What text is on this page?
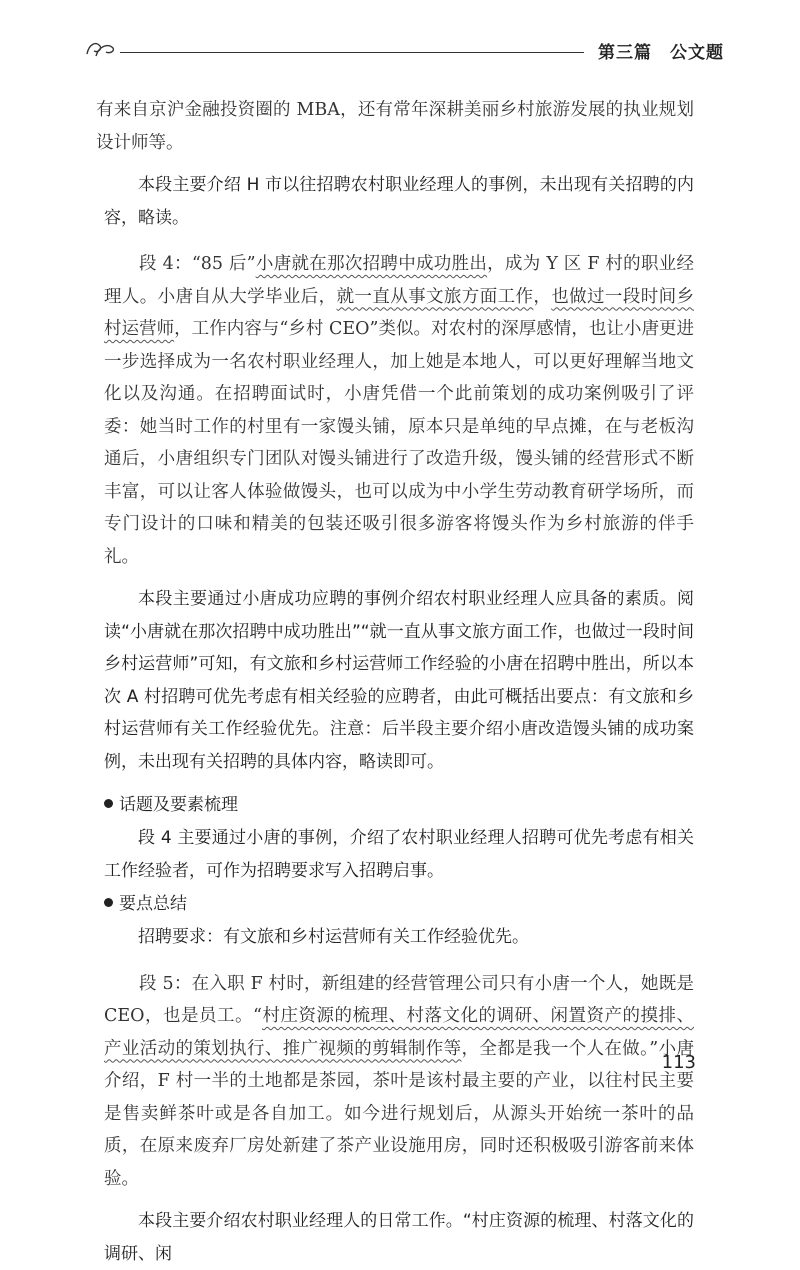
第三篇　公文题

有来自京沪金融投资圈的 MBA，还有常年深耕美丽乡村旅游发展的执业规划设计师等。

本段主要介绍 H 市以往招聘农村职业经理人的事例，未出现有关招聘的内容，略读。

段 4：“85 后”小唐就在那次招聘中成功胜出，成为 Y 区 F 村的职业经理人。小唐自从大学毕业后，就一直从事文旅方面工作，也做过一段时间乡村运营师，工作内容与“乡村 CEO”类似。对农村的深厚感情，也让小唐更进一步选择成为一名农村职业经理人，加上她是本地人，可以更好理解当地文化以及沟通。在招聘面试时，小唐凭借一个此前策划的成功案例吸引了评委：她当时工作的村里有一家馒头铺，原本只是单纯的早点摊，在与老板沟通后，小唐组织专门团队对馒头铺进行了改造升级，馒头铺的经营形式不断丰富，可以让客人体验做馒头，也可以成为中小学生劳动教育研学场所，而专门设计的口味和精美的包装还吸引很多游客将馒头作为乡村旅游的伴手礼。

本段主要通过小唐成功应聘的事例介绍农村职业经理人应具备的素质。阅读“小唐就在那次招聘中成功胜出”“就一直从事文旅方面工作，也做过一段时间乡村运营师”可知，有文旅和乡村运营师工作经验的小唐在招聘中胜出，所以本次 A 村招聘可优先考虑有相关经验的应聘者，由此可概括出要点：有文旅和乡村运营师有关工作经验优先。注意：后半段主要介绍小唐改造馒头铺的成功案例，未出现有关招聘的具体内容，略读即可。

话题及要素梳理

段 4 主要通过小唐的事例，介绍了农村职业经理人招聘可优先考虑有相关工作经验者，可作为招聘要求写入招聘启事。

要点总结

招聘要求：有文旅和乡村运营师有关工作经验优先。

段 5：在入职 F 村时，新组建的经营管理公司只有小唐一个人，她既是 CEO，也是员工。“村庄资源的梳理、村落文化的调研、闲置资产的摸排、产业活动的策划执行、推广视频的剪辑制作等，全都是我一个人在做。”小唐介绍，F 村一半的土地都是茶园，茶叶是该村最主要的产业，以往村民主要是售卖鲜茶叶或是各自加工。如今进行规划后，从源头开始统一茶叶的品质，在原来废弃厂房处新建了茶产业设施用房，同时还积极吸引游客前来体验。

本段主要介绍农村职业经理人的日常工作。“村庄资源的梳理、村落文化的调研、闲

113
